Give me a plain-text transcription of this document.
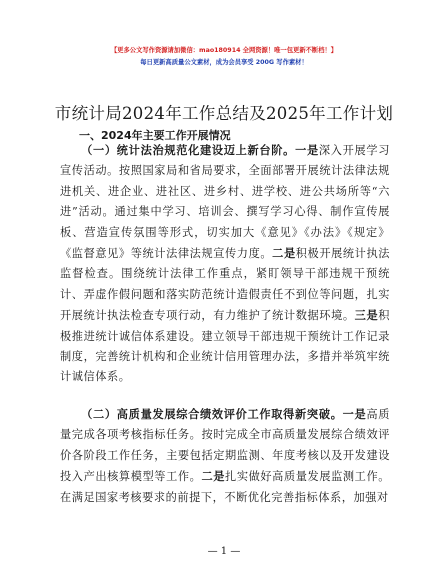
【更多公文写作资源请加微信：mao180914 全网资源！唯一包更新不断档！】
每日更新高质量公文素材，成为会员享受 200G 写作素材！
市统计局2024年工作总结及2025年工作计划
一、2024年主要工作开展情况
（一）统计法治规范化建设迈上新台阶。一是深入开展学习宣传活动。按照国家局和省局要求，全面部署开展统计法律法规进机关、进企业、进社区、进乡村、进学校、进公共场所等“六进”活动。通过集中学习、培训会、撰写学习心得、制作宣传展板、营造宣传氛围等形式，切实加大《意见》《办法》《规定》《监督意见》等统计法律法规宣传力度。二是积极开展统计执法监督检查。围绕统计法律工作重点，紧盯领导干部违规干预统计、弄虚作假问题和落实防范统计造假责任不到位等问题，扎实开展统计执法检查专项行动，有力维护了统计数据环境。三是积极推进统计诚信体系建设。建立领导干部违规干预统计工作记录制度，完善统计机构和企业统计信用管理办法，多措并举筑牢统计诚信体系。
（二）高质量发展综合绩效评价工作取得新突破。一是高质量完成各项考核指标任务。按时完成全市高质量发展综合绩效评价各阶段工作任务，主要包括定期监测、年度考核以及开发建设投入产出核算模型等工作。二是扎实做好高质量发展监测工作。在满足国家考核要求的前提下，不断优化完善指标体系，加强对
— 1 —
